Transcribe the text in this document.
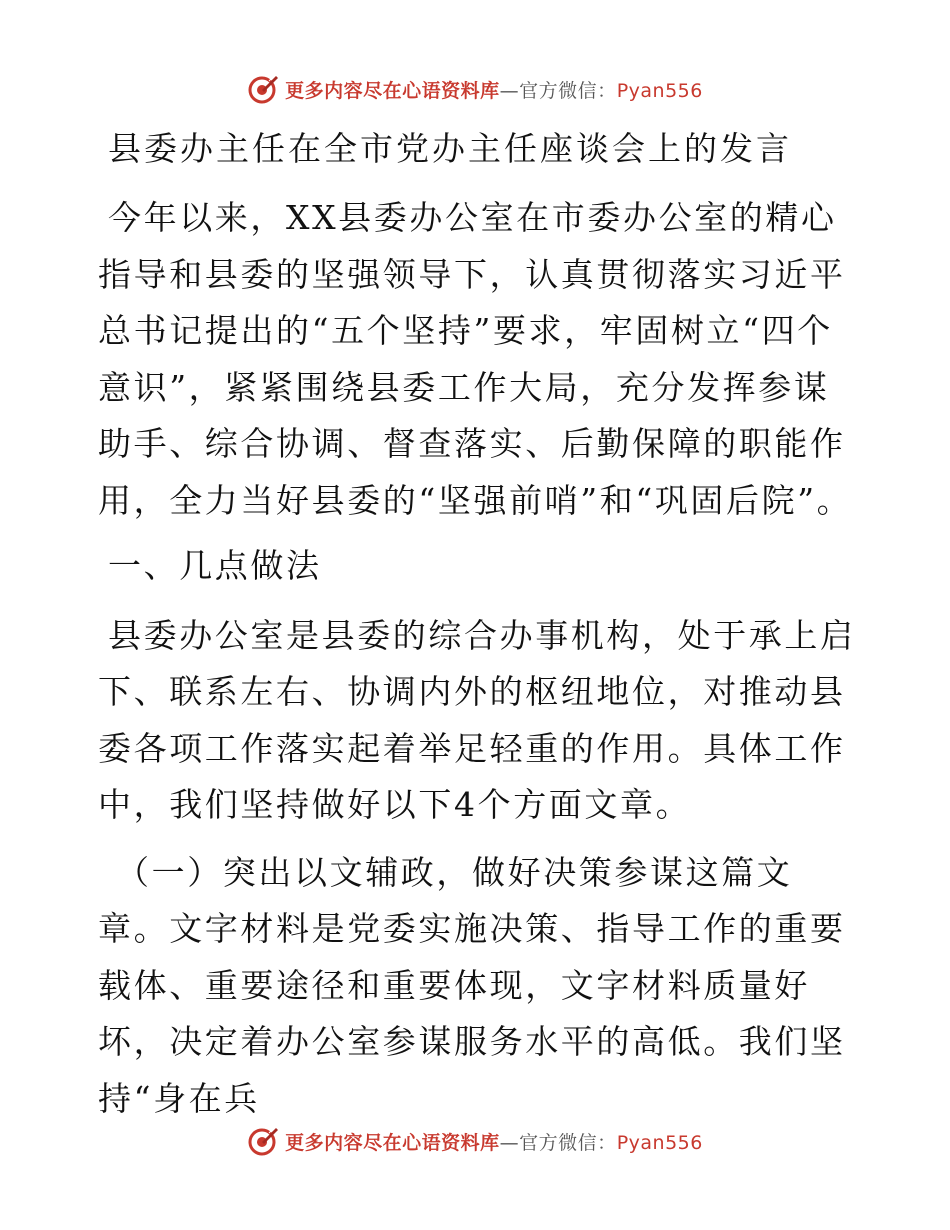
更多内容尽在心语资料库—官方微信：Pyan556
县委办主任在全市党办主任座谈会上的发言

今年以来，XX县委办公室在市委办公室的精心指导和县委的坚强领导下，认真贯彻落实习近平总书记提出的“五个坚持”要求，牢固树立“四个意识”，紧紧围绕县委工作大局，充分发挥参谋助手、综合协调、督查落实、后勤保障的职能作用，全力当好县委的“坚强前哨”和“巩固后院”。

一、几点做法

县委办公室是县委的综合办事机构，处于承上启下、联系左右、协调内外的枢纽地位，对推动县委各项工作落实起着举足轻重的作用。具体工作中，我们坚持做好以下4个方面文章。

（一）突出以文辅政，做好决策参谋这篇文章。文字材料是党委实施决策、指导工作的重要载体、重要途径和重要体现，文字材料质量好坏，决定着办公室参谋服务水平的高低。我们坚持“身在兵

更多内容尽在心语资料库—官方微信：Pyan556
